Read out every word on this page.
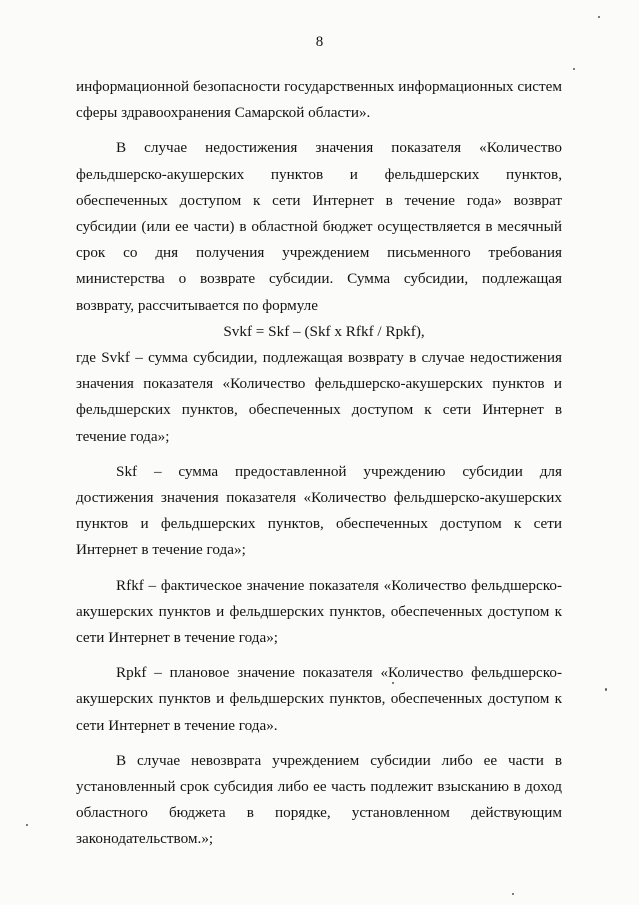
8

информационной безопасности государственных информационных систем сферы здравоохранения Самарской области».

В случае недостижения значения показателя «Количество фельдшерско-акушерских пунктов и фельдшерских пунктов, обеспеченных доступом к сети Интернет в течение года» возврат субсидии (или ее части) в областной бюджет осуществляется в месячный срок со дня получения учреждением письменного требования министерства о возврате субсидии. Сумма субсидии, подлежащая возврату, рассчитывается по формуле

Svkf = Skf – (Skf x Rfkf / Rpkf),

где Svkf – сумма субсидии, подлежащая возврату в случае недостижения значения показателя «Количество фельдшерско-акушерских пунктов и фельдшерских пунктов, обеспеченных доступом к сети Интернет в течение года»;

Skf – сумма предоставленной учреждению субсидии для достижения значения показателя «Количество фельдшерско-акушерских пунктов и фельдшерских пунктов, обеспеченных доступом к сети Интернет в течение года»;

Rfkf – фактическое значение показателя «Количество фельдшерско-акушерских пунктов и фельдшерских пунктов, обеспеченных доступом к сети Интернет в течение года»;

Rpkf – плановое значение показателя «Количество фельдшерско-акушерских пунктов и фельдшерских пунктов, обеспеченных доступом к сети Интернет в течение года».

В случае невозврата учреждением субсидии либо ее части в установленный срок субсидия либо ее часть подлежит взысканию в доход областного бюджета в порядке, установленном действующим законодательством.»;
